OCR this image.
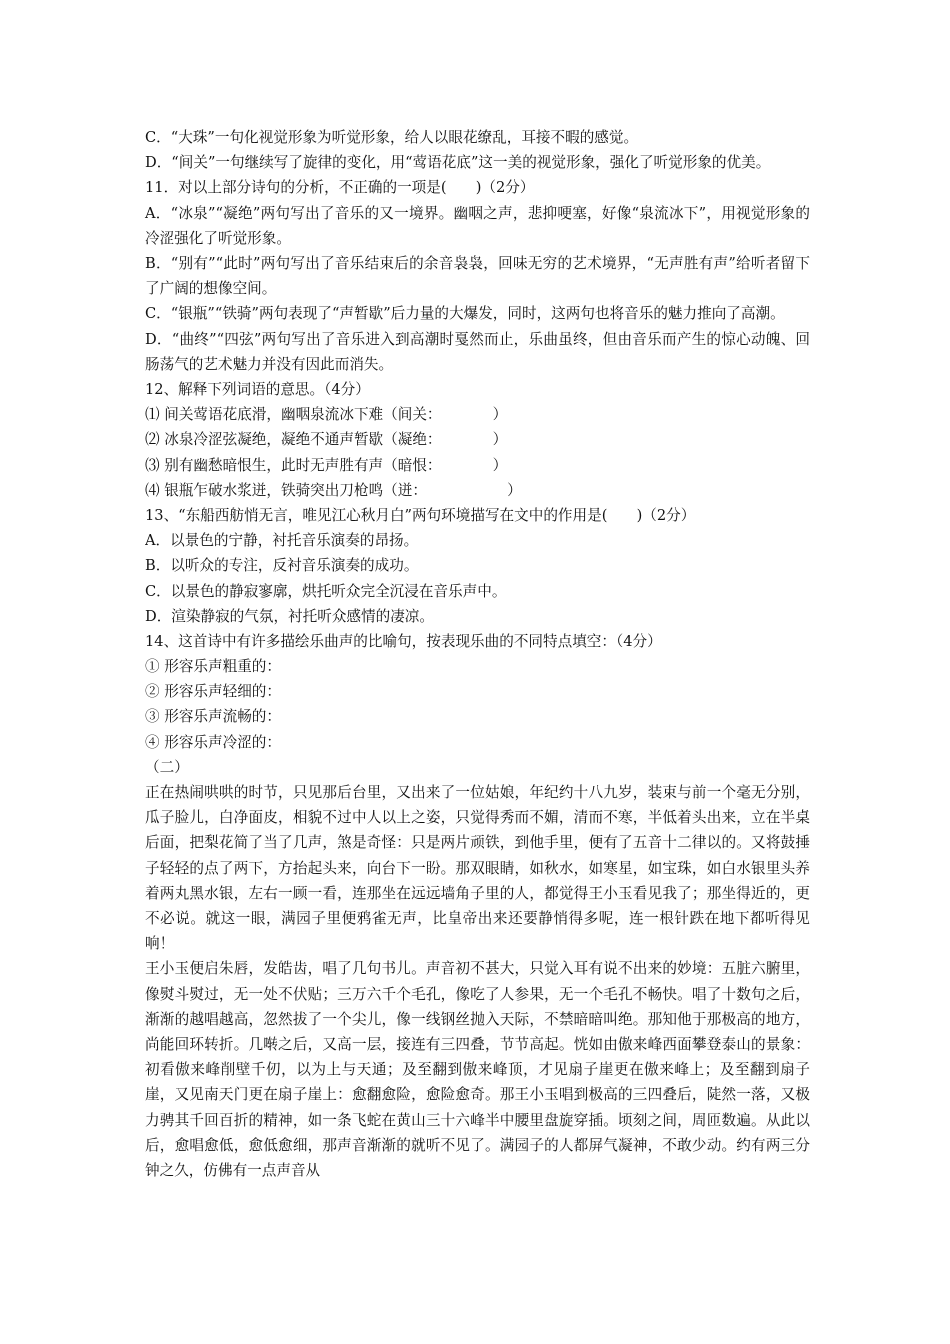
C．“大珠”一句化视觉形象为听觉形象，给人以眼花缭乱，耳接不暇的感觉。
D．“间关”一句继续写了旋律的变化，用“莺语花底”这一美的视觉形象，强化了听觉形象的优美。
11．对以上部分诗句的分析，不正确的一项是(　　)（2分）
A．“冰泉”“凝绝”两句写出了音乐的又一境界。幽咽之声，悲抑哽塞，好像“泉流冰下”，用视觉形象的冷涩强化了听觉形象。
B．“别有”“此时”两句写出了音乐结束后的余音袅袅，回味无穷的艺术境界，“无声胜有声”给听者留下了广阔的想像空间。
C．“银瓶”“铁骑”两句表现了“声暂歇”后力量的大爆发，同时，这两句也将音乐的魅力推向了高潮。
D．“曲终”“四弦”两句写出了音乐进入到高潮时戛然而止，乐曲虽终，但由音乐而产生的惊心动魄、回肠荡气的艺术魅力并没有因此而消失。
12、解释下列词语的意思。（4分）
⑴ 间关莺语花底滑，幽咽泉流冰下难（间关：　　　　）
⑵ 冰泉冷涩弦凝绝，凝绝不通声暂歇（凝绝：　　　　）
⑶ 别有幽愁暗恨生，此时无声胜有声（暗恨：　　　　）
⑷ 银瓶乍破水浆迸，铁骑突出刀枪鸣（迸：　　　　　　）
13、“东船西舫悄无言，唯见江心秋月白”两句环境描写在文中的作用是(　　)（2分）
A．以景色的宁静，衬托音乐演奏的昂扬。
B．以听众的专注，反衬音乐演奏的成功。
C．以景色的静寂寥廓，烘托听众完全沉浸在音乐声中。
D．渲染静寂的气氛，衬托听众感情的凄凉。
14、这首诗中有许多描绘乐曲声的比喻句，按表现乐曲的不同特点填空：（4分）
① 形容乐声粗重的：
② 形容乐声轻细的：
③ 形容乐声流畅的：
④ 形容乐声冷涩的：
（二）
正在热闹哄哄的时节，只见那后台里，又出来了一位姑娘，年纪约十八九岁，装束与前一个毫无分别，瓜子脸儿，白净面皮，相貌不过中人以上之姿，只觉得秀而不媚，清而不寒，半低着头出来，立在半桌后面，把梨花简了当了几声，煞是奇怪：只是两片顽铁，到他手里，便有了五音十二律以的。又将鼓捶子轻轻的点了两下，方抬起头来，向台下一盼。那双眼睛，如秋水，如寒星，如宝珠，如白水银里头养着两丸黑水银，左右一顾一看，连那坐在远远墙角子里的人，都觉得王小玉看见我了；那坐得近的，更不必说。就这一眼，满园子里便鸦雀无声，比皇帝出来还要静悄得多呢，连一根针跌在地下都听得见响！
王小玉便启朱唇，发皓齿，唱了几句书儿。声音初不甚大，只觉入耳有说不出来的妙境：五脏六腑里，像熨斗熨过，无一处不伏贴；三万六千个毛孔，像吃了人参果，无一个毛孔不畅快。唱了十数句之后，渐渐的越唱越高，忽然拔了一个尖儿，像一线钢丝抛入天际，不禁暗暗叫绝。那知他于那极高的地方，尚能回环转折。几啭之后，又高一层，接连有三四叠，节节高起。恍如由傲来峰西面攀登泰山的景象：初看傲来峰削壁千仞，以为上与天通；及至翻到傲来峰顶，才见扇子崖更在傲来峰上；及至翻到扇子崖，又见南天门更在扇子崖上：愈翻愈险，愈险愈奇。那王小玉唱到极高的三四叠后，陡然一落，又极力骋其千回百折的精神，如一条飞蛇在黄山三十六峰半中腰里盘旋穿插。顷刻之间，周匝数遍。从此以后，愈唱愈低，愈低愈细，那声音渐渐的就听不见了。满园子的人都屏气凝神，不敢少动。约有两三分钟之久，仿佛有一点声音从
